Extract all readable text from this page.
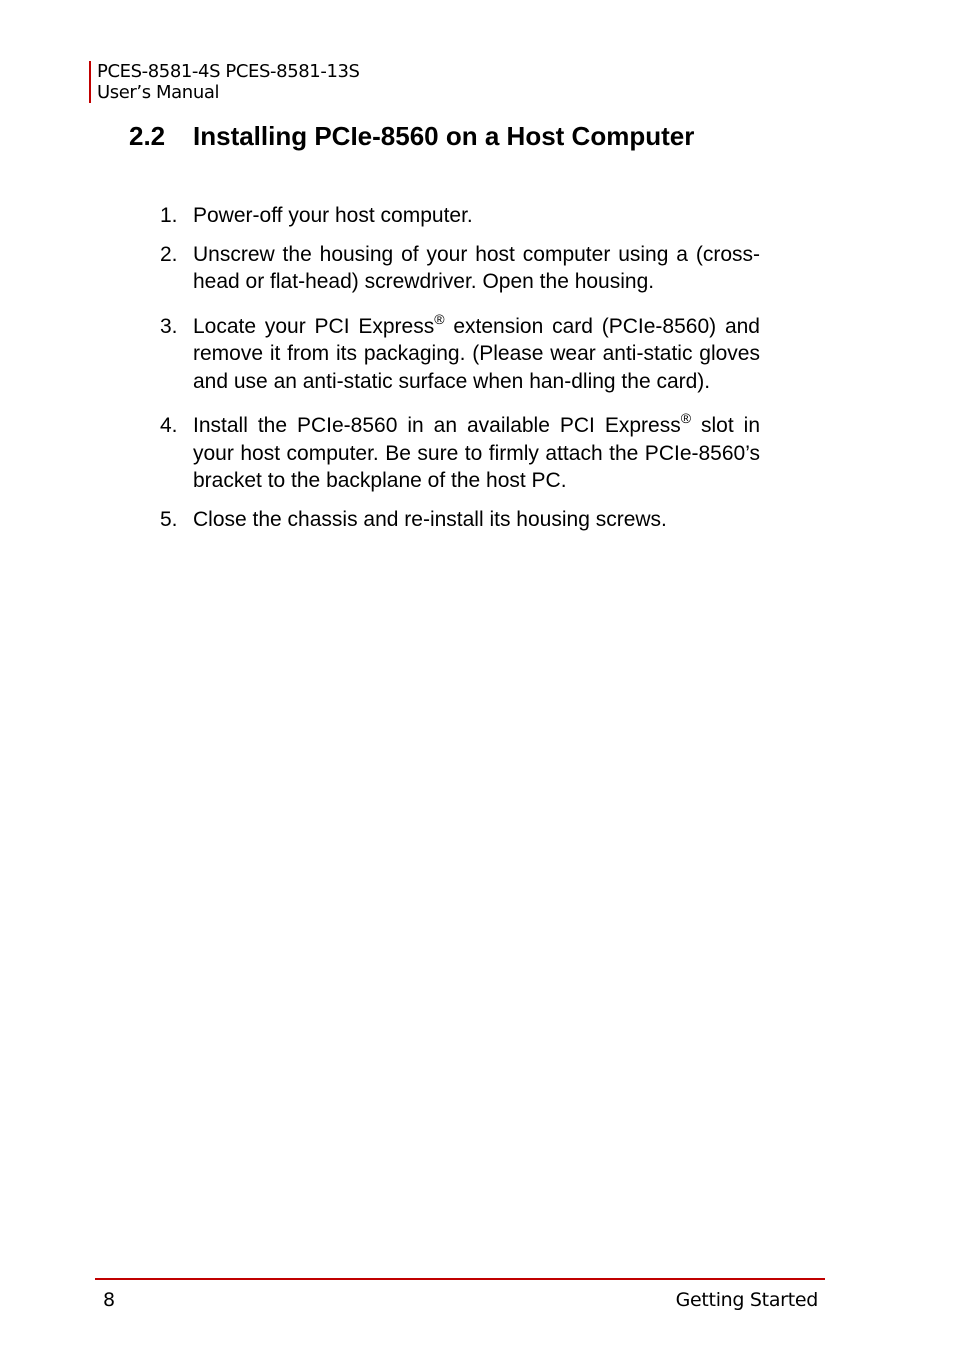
PCES-8581-4S PCES-8581-13S
User’s Manual
2.2 Installing PCIe-8560 on a Host Computer
1. Power-off your host computer.
2. Unscrew the housing of your host computer using a (cross-head or flat-head) screwdriver. Open the housing.
3. Locate your PCI Express® extension card (PCIe-8560) and remove it from its packaging. (Please wear anti-static gloves and use an anti-static surface when han-dling the card).
4. Install the PCIe-8560 in an available PCI Express® slot in your host computer. Be sure to firmly attach the PCIe-8560’s bracket to the backplane of the host PC.
5. Close the chassis and re-install its housing screws.
8	Getting Started
